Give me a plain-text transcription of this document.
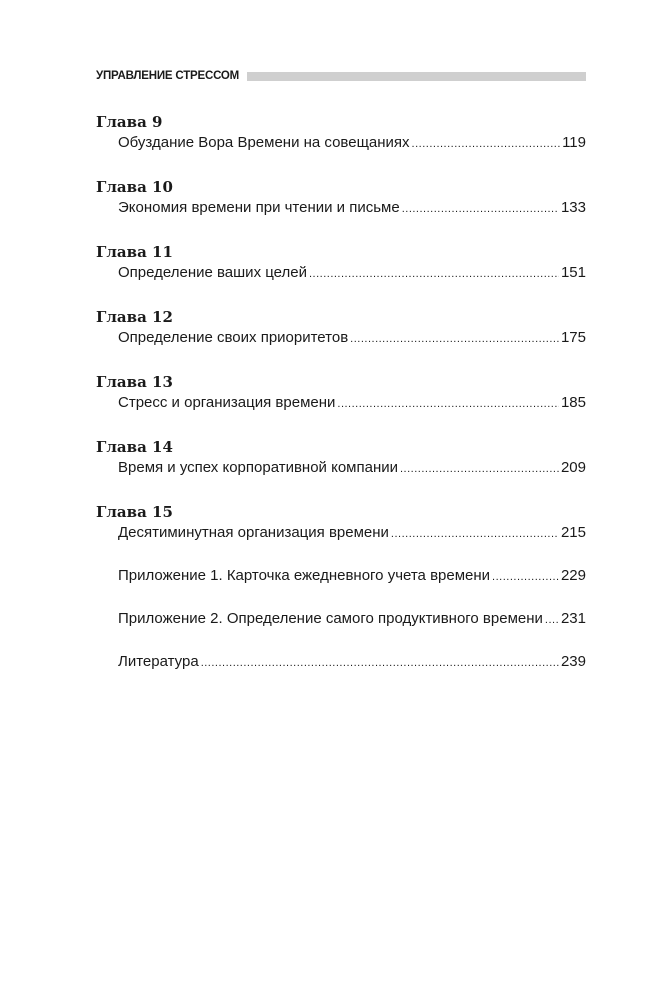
УПРАВЛЕНИЕ СТРЕССОМ
Глава 9
Обуздание Вора Времени на совещаниях .....	119
Глава 10
Экономия времени при чтении и письме .....	133
Глава 11
Определение ваших целей .....	151
Глава 12
Определение своих приоритетов .....	175
Глава 13
Стресс и организация времени .....	185
Глава 14
Время и успех корпоративной компании .....	209
Глава 15
Десятиминутная организация времени .....	215
Приложение 1. Карточка ежедневного учета времени .....	229
Приложение 2. Определение самого продуктивного времени ..... 231
Литература .....	239
